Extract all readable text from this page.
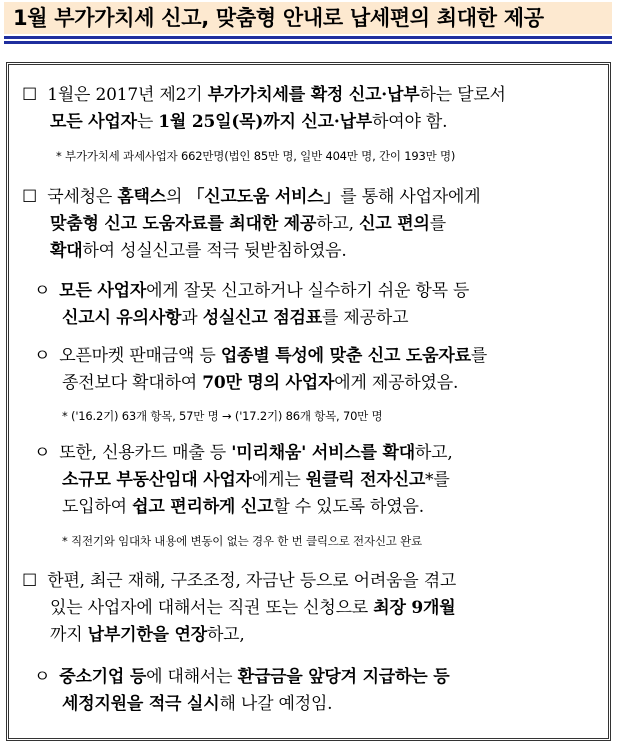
1월 부가가치세 신고, 맞춤형 안내로 납세편의 최대한 제공
☐ 1월은 2017년 제2기 부가가치세를 확정 신고·납부하는 달로서
모든 사업자는 1월 25일(목)까지 신고·납부하여야 함.
* 부가가치세 과세사업자 662만명(법인 85만 명, 일반 404만 명, 간이 193만 명)
☐ 국세청은 홈택스의 「신고도움 서비스」를 통해 사업자에게
맞춤형 신고 도움자료를 최대한 제공하고, 신고 편의를
확대하여 성실신고를 적극 뒷받침하였음.
ㅇ 모든 사업자에게 잘못 신고하거나 실수하기 쉬운 항목 등
신고시 유의사항과 성실신고 점검표를 제공하고
ㅇ 오픈마켓 판매금액 등 업종별 특성에 맞춘 신고 도움자료를
종전보다 확대하여 70만 명의 사업자에게 제공하였음.
* ('16.2기) 63개 항목, 57만 명 → ('17.2기) 86개 항목, 70만 명
ㅇ 또한, 신용카드 매출 등 '미리채움' 서비스를 확대하고,
소규모 부동산임대 사업자에게는 원클릭 전자신고*를
도입하여 쉽고 편리하게 신고할 수 있도록 하였음.
* 직전기와 임대차 내용에 변동이 없는 경우 한 번 클릭으로 전자신고 완료
☐ 한편, 최근 재해, 구조조정, 자금난 등으로 어려움을 겪고
있는 사업자에 대해서는 직권 또는 신청으로 최장 9개월
까지 납부기한을 연장하고,
ㅇ 중소기업 등에 대해서는 환급금을 앞당겨 지급하는 등
세정지원을 적극 실시해 나갈 예정임.
